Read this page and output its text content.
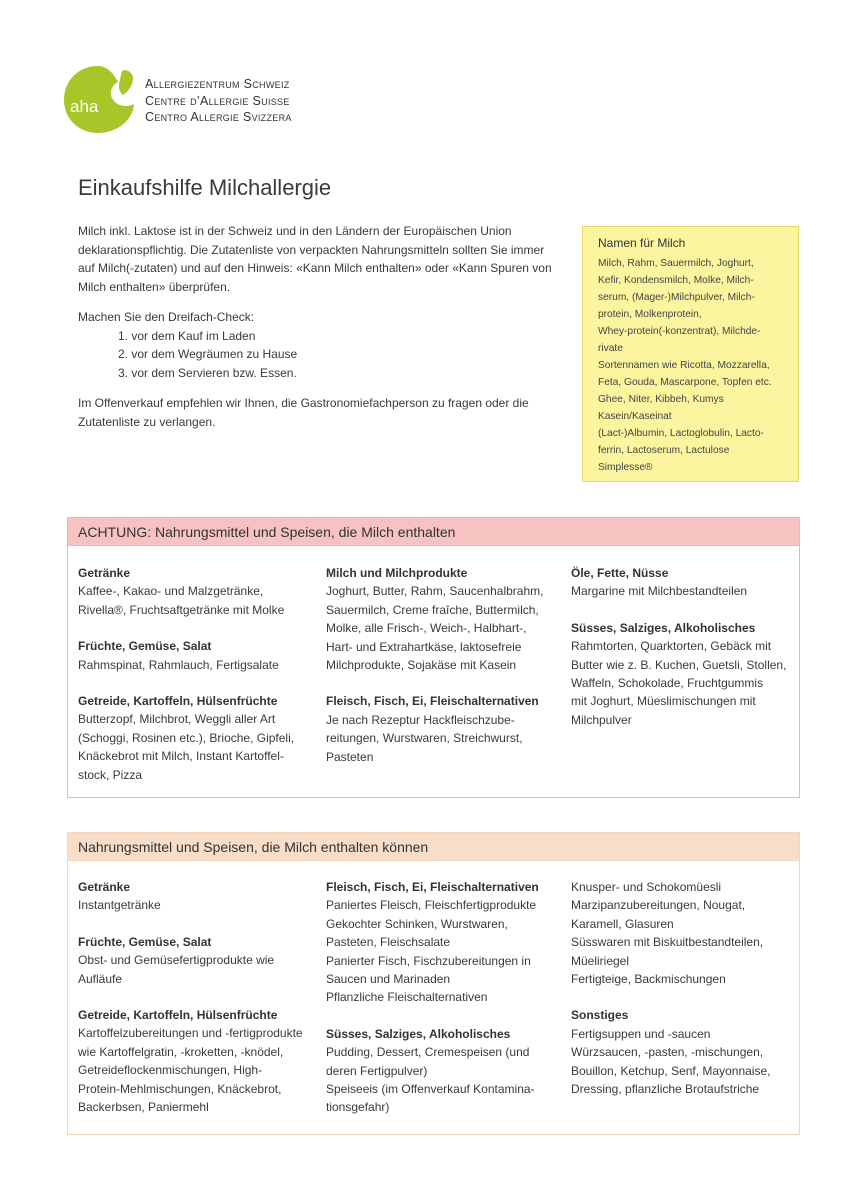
aha
Allergiezentrum Schweiz
Centre d’Allergie Suisse
Centro Allergie Svizzera
Einkaufshilfe Milchallergie

Milch inkl. Laktose ist in der Schweiz und in den Ländern der Europäischen Union deklarationspflichtig. Die Zutatenliste von verpackten Nahrungsmitteln sollten Sie immer auf Milch(-zutaten) und auf den Hinweis: «Kann Milch enthalten» oder «Kann Spuren von Milch enthalten» überprüfen.

Machen Sie den Dreifach-Check:

1. vor dem Kauf im Laden
2. vor dem Wegräumen zu Hause
3. vor dem Servieren bzw. Essen.

Im Offenverkauf empfehlen wir Ihnen, die Gastronomiefachperson zu fragen oder die Zutatenliste zu verlangen.

Namen für Milch
Milch, Rahm, Sauermilch, Joghurt,
Kefir, Kondensmilch, Molke, Milch-
serum, (Mager-)Milchpulver, Milch-
protein, Molkenprotein,
Whey-protein(-konzentrat), Milchde-
rivate
Sortennamen wie Ricotta, Mozzarella,
Feta, Gouda, Mascarpone, Topfen etc.
Ghee, Niter, Kibbeh, Kumys
Kasein/Kaseinat
(Lact-)Albumin, Lactoglobulin, Lacto-
ferrin, Lactoserum, Lactulose
Simplesse®
ACHTUNG: Nahrungsmittel und Speisen, die Milch enthalten
Getränke
Kaffee-, Kakao- und Malzgetränke,
Rivella®, Fruchtsaftgetränke mit Molke
Früchte, Gemüse, Salat
Rahmspinat, Rahmlauch, Fertigsalate
Getreide, Kartoffeln, Hülsenfrüchte
Butterzopf, Milchbrot, Weggli aller Art
(Schoggi, Rosinen etc.), Brioche, Gipfeli,
Knäckebrot mit Milch, Instant Kartoffel-
stock, Pizza
Milch und Milchprodukte
Joghurt, Butter, Rahm, Saucenhalbrahm,
Sauermilch, Creme fraîche, Buttermilch,
Molke, alle Frisch-, Weich-, Halbhart-,
Hart- und Extrahartkäse, laktosefreie
Milchprodukte, Sojakäse mit Kasein
Fleisch, Fisch, Ei, Fleischalternativen
Je nach Rezeptur Hackfleischzube-
reitungen, Wurstwaren, Streichwurst,
Pasteten
Öle, Fette, Nüsse
Margarine mit Milchbestandteilen
Süsses, Salziges, Alkoholisches
Rahmtorten, Quarktorten, Gebäck mit
Butter wie z. B. Kuchen, Guetsli, Stollen,
Waffeln, Schokolade, Fruchtgummis
mit Joghurt, Müeslimischungen mit
Milchpulver
Nahrungsmittel und Speisen, die Milch enthalten können
Getränke
Instantgetränke
Früchte, Gemüse, Salat
Obst- und Gemüsefertigprodukte wie
Aufläufe
Getreide, Kartoffeln, Hülsenfrüchte
Kartoffelzubereitungen und -fertigprodukte
wie Kartoffelgratin, -kroketten, -knödel,
Getreideflockenmischungen, High-
Protein-Mehlmischungen, Knäckebrot,
Backerbsen, Paniermehl
Fleisch, Fisch, Ei, Fleischalternativen
Paniertes Fleisch, Fleischfertigprodukte
Gekochter Schinken, Wurstwaren,
Pasteten, Fleischsalate
Panierter Fisch, Fischzubereitungen in
Saucen und Marinaden
Pflanzliche Fleischalternativen
Süsses, Salziges, Alkoholisches
Pudding, Dessert, Cremespeisen (und
deren Fertigpulver)
Speiseeis (im Offenverkauf Kontamina-
tionsgefahr)
Knusper- und Schokomüesli
Marzipanzubereitungen, Nougat,
Karamell, Glasuren
Süsswaren mit Biskuitbestandteilen,
Müeliriegel
Fertigteige, Backmischungen
Sonstiges
Fertigsuppen und -saucen
Würzsaucen, -pasten, -mischungen,
Bouillon, Ketchup, Senf, Mayonnaise,
Dressing, pflanzliche Brotaufstriche
